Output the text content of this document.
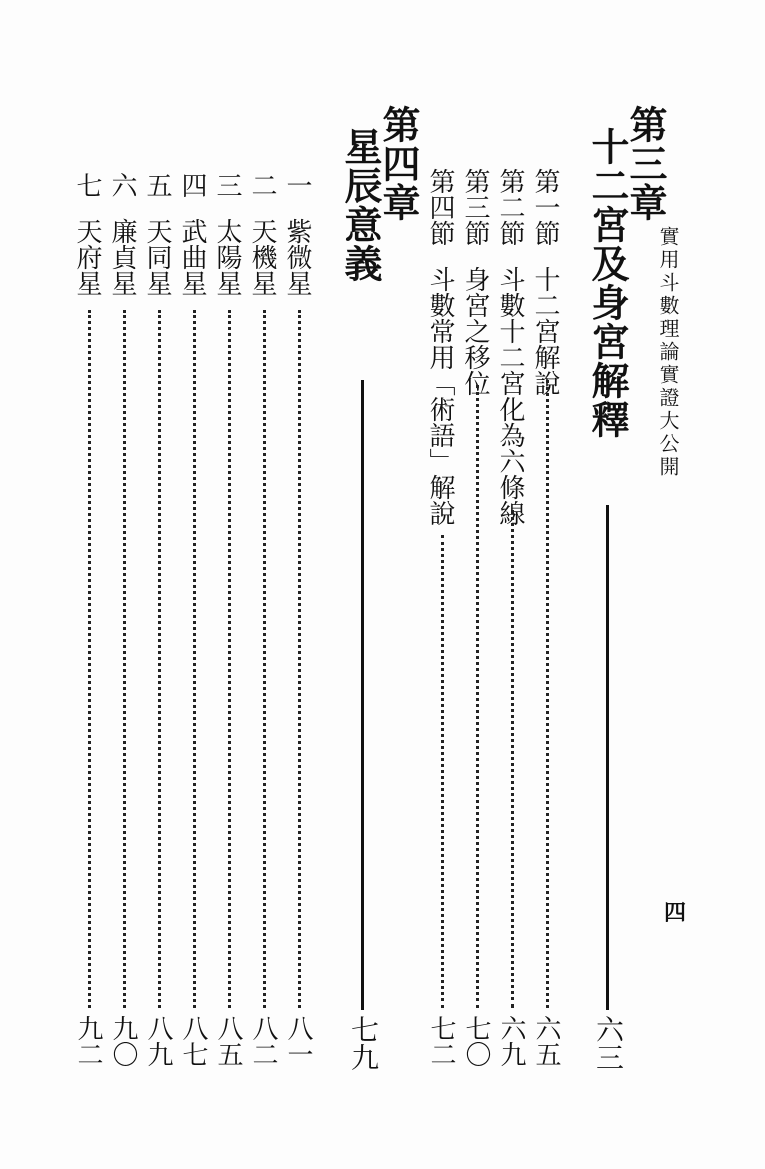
實用斗數理論實證大公開
四
第三章
十二宮及身宮解釋
六三
第一節十二宮解說
六五
第二節斗數十二宮化為六條線
六九
第三節身宮之移位
七〇
第四節斗數常用「術語」解說
七二
第四章
星辰意義
七九
一紫微星
八一
二天機星
八二
三太陽星
八五
四武曲星
八七
五天同星
八九
六廉貞星
九〇
七天府星
九二
